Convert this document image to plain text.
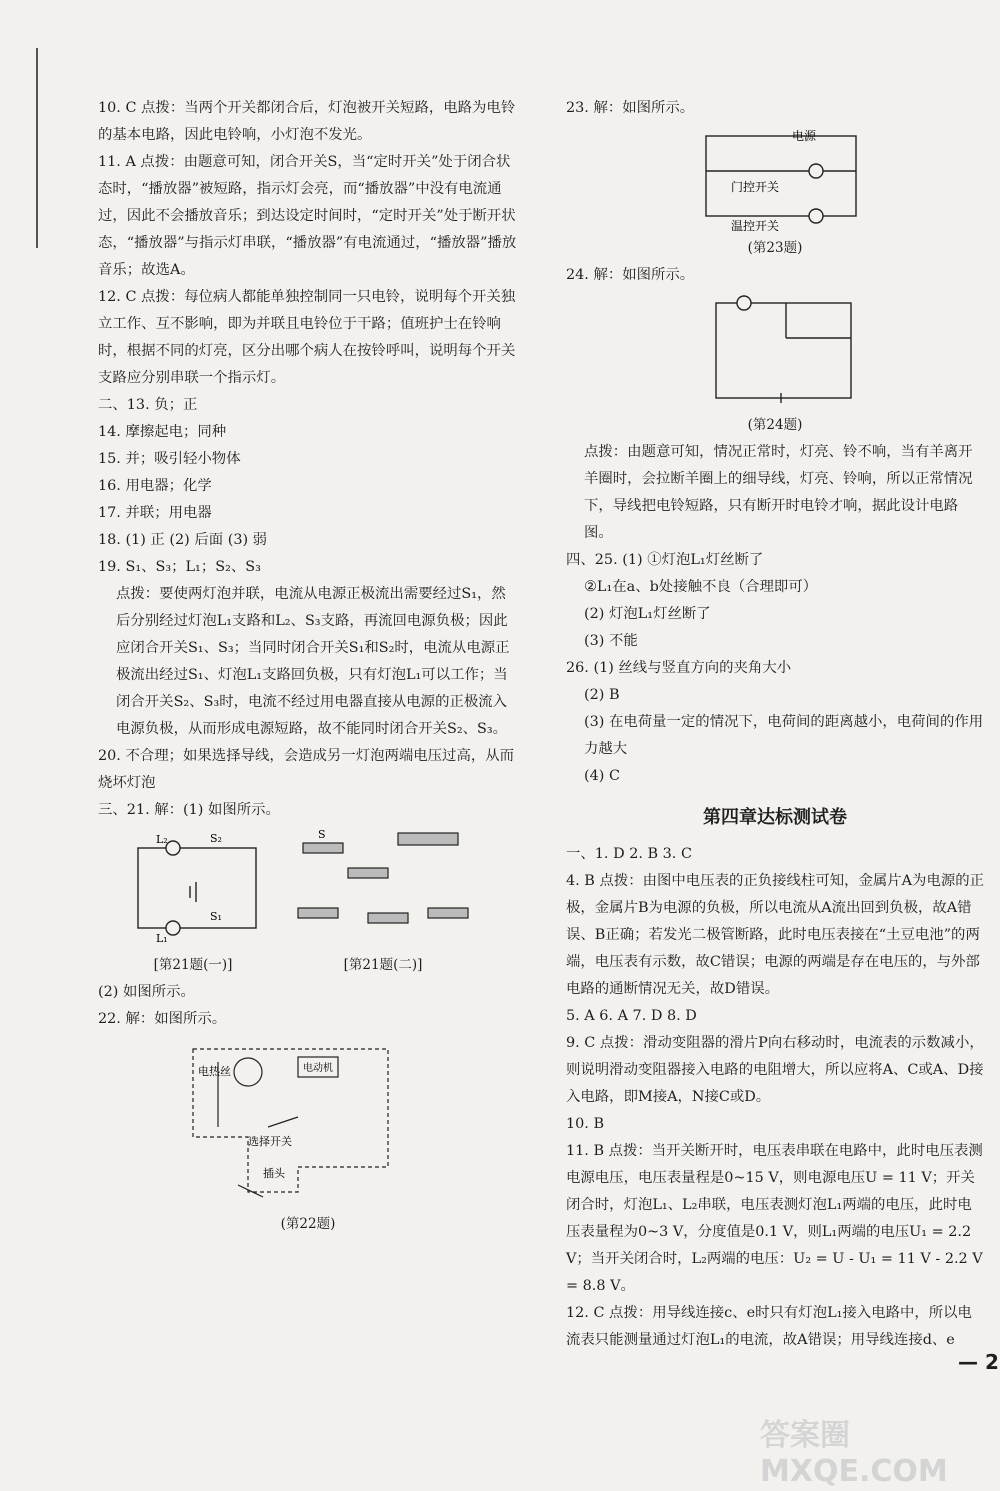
10. C 点拨：当两个开关都闭合后，灯泡被开关短路，电路为电铃的基本电路，因此电铃响，小灯泡不发光。

11. A 点拨：由题意可知，闭合开关S，当“定时开关”处于闭合状态时，“播放器”被短路，指示灯会亮，而“播放器”中没有电流通过，因此不会播放音乐；到达设定时间时，“定时开关”处于断开状态，“播放器”与指示灯串联，“播放器”有电流通过，“播放器”播放音乐；故选A。

12. C 点拨：每位病人都能单独控制同一只电铃，说明每个开关独立工作、互不影响，即为并联且电铃位于干路；值班护士在铃响时，根据不同的灯亮，区分出哪个病人在按铃呼叫，说明每个开关支路应分别串联一个指示灯。

二、13. 负；正

14. 摩擦起电；同种

15. 并；吸引轻小物体

16. 用电器；化学

17. 并联；用电器

18. (1) 正 (2) 后面 (3) 弱

19. S₁、S₃；L₁；S₂、S₃

点拨：要使两灯泡并联，电流从电源正极流出需要经过S₁，然后分别经过灯泡L₁支路和L₂、S₃支路，再流回电源负极；因此应闭合开关S₁、S₃；当同时闭合开关S₁和S₂时，电流从电源正极流出经过S₁、灯泡L₁支路回负极，只有灯泡L₁可以工作；当闭合开关S₂、S₃时，电流不经过用电器直接从电源的正极流入电源负极，从而形成电源短路，故不能同时闭合开关S₂、S₃。

20. 不合理；如果选择导线，会造成另一灯泡两端电压过高，从而烧坏灯泡

三、21. 解：(1) 如图所示。

L₂
L₁
S₂
S₁
S
[第21题(一)]	[第21题(二)]

(2) 如图所示。

22. 解：如图所示。

电热丝	电动机
选择开关
插头
(第22题)

23. 解：如图所示。

电源
门控开关
温控开关
(第23题)

24. 解：如图所示。

(第24题)

点拨：由题意可知，情况正常时，灯亮、铃不响，当有羊离开羊圈时，会拉断羊圈上的细导线，灯亮、铃响，所以正常情况下，导线把电铃短路，只有断开时电铃才响，据此设计电路图。

四、25. (1) ①灯泡L₁灯丝断了

②L₁在a、b处接触不良（合理即可）

(2) 灯泡L₁灯丝断了

(3) 不能

26. (1) 丝线与竖直方向的夹角大小

(2) B

(3) 在电荷量一定的情况下，电荷间的距离越小，电荷间的作用力越大

(4) C

第四章达标测试卷

一、1. D 2. B 3. C

4. B 点拨：由图中电压表的正负接线柱可知，金属片A为电源的正极，金属片B为电源的负极，所以电流从A流出回到负极，故A错误、B正确；若发光二极管断路，此时电压表接在“土豆电池”的两端，电压表有示数，故C错误；电源的两端是存在电压的，与外部电路的通断情况无关，故D错误。

5. A 6. A 7. D 8. D

9. C 点拨：滑动变阻器的滑片P向右移动时，电流表的示数减小，则说明滑动变阻器接入电路的电阻增大，所以应将A、C或A、D接入电路，即M接A，N接C或D。

10. B

11. B 点拨：当开关断开时，电压表串联在电路中，此时电压表测电源电压，电压表量程是0~15 V，则电源电压U = 11 V；开关闭合时，灯泡L₁、L₂串联，电压表测灯泡L₁两端的电压，此时电压表量程为0~3 V，分度值是0.1 V，则L₁两端的电压U₁ = 2.2 V；当开关闭合时，L₂两端的电压：U₂ = U - U₁ = 11 V - 2.2 V = 8.8 V。

12. C 点拨：用导线连接c、e时只有灯泡L₁接入电路中，所以电流表只能测量通过灯泡L₁的电流，故A错误；用导线连接d、e

— 2
答案圈 MXQE.COM
